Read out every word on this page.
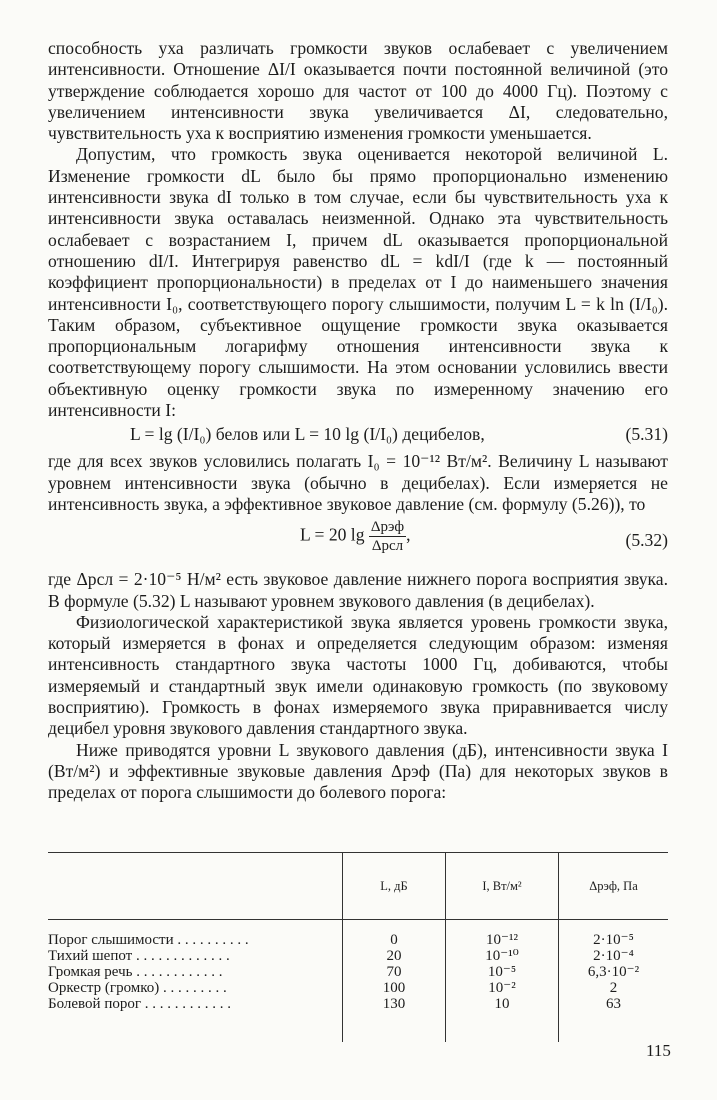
способность уха различать громкости звуков ослабевает с увеличением интенсивности. Отношение ΔI/I оказывается почти постоянной величиной (это утверждение соблюдается хорошо для частот от 100 до 4000 Гц). Поэтому с увеличением интенсивности звука увеличивается ΔI, следовательно, чувствительность уха к восприятию изменения громкости уменьшается.

Допустим, что громкость звука оценивается некоторой величиной L. Изменение громкости dL было бы прямо пропорционально изменению интенсивности звука dI только в том случае, если бы чувствительность уха к интенсивности звука оставалась неизменной. Однако эта чувствительность ослабевает с возрастанием I, причем dL оказывается пропорциональной отношению dI/I. Интегрируя равенство dL = kdI/I (где k — постоянный коэффициент пропорциональности) в пределах от I до наименьшего значения интенсивности I₀, соответствующего порогу слышимости, получим L = k ln (I/I₀). Таким образом, субъективное ощущение громкости звука оказывается пропорциональным логарифму отношения интенсивности звука к соответствующему порогу слышимости. На этом основании условились ввести объективную оценку громкости звука по измеренному значению его интенсивности I:

L = lg (I/I₀) белов или L = 10 lg (I/I₀) децибелов,	(5.31)

где для всех звуков условились полагать I₀ = 10⁻¹² Вт/м². Величину L называют уровнем интенсивности звука (обычно в децибелах). Если измеряется не интенсивность звука, а эффективное звуковое давление (см. формулу (5.26)), то

L = 20 $\lg \frac{\text{Δpэф}}{\text{Δpсл}}$ ,	(5.32)

где Δpсл = 2·10⁻⁵ Н/м² есть звуковое давление нижнего порога восприятия звука. В формуле (5.32) L называют уровнем звукового давления (в децибелах).

Физиологической характеристикой звука является уровень громкости звука, который измеряется в фонах и определяется следующим образом: изменяя интенсивность стандартного звука частоты 1000 Гц, добиваются, чтобы измеряемый и стандартный звук имели одинаковую громкость (по звуковому восприятию). Громкость в фонах измеряемого звука приравнивается числу децибел уровня звукового давления стандартного звука.

Ниже приводятся уровни L звукового давления (дБ), интенсивности звука I (Вт/м²) и эффективные звуковые давления Δpэф (Па) для некоторых звуков в пределах от порога слышимости до болевого порога:

	L, дБ	I, Вт/м²	Δpэф, Па

Порог слышимости . . . . . . . . . .	0	10⁻¹²	2·10⁻⁵
Тихий шепот . . . . . . . . . . . . .	20	10⁻¹⁰	2·10⁻⁴
Громкая речь . . . . . . . . . . . .	70	10⁻⁵	6,3·10⁻²
Оркестр (громко) . . . . . . . . .	100	10⁻²	2
Болевой порог . . . . . . . . . . . .	130	10	63

115
